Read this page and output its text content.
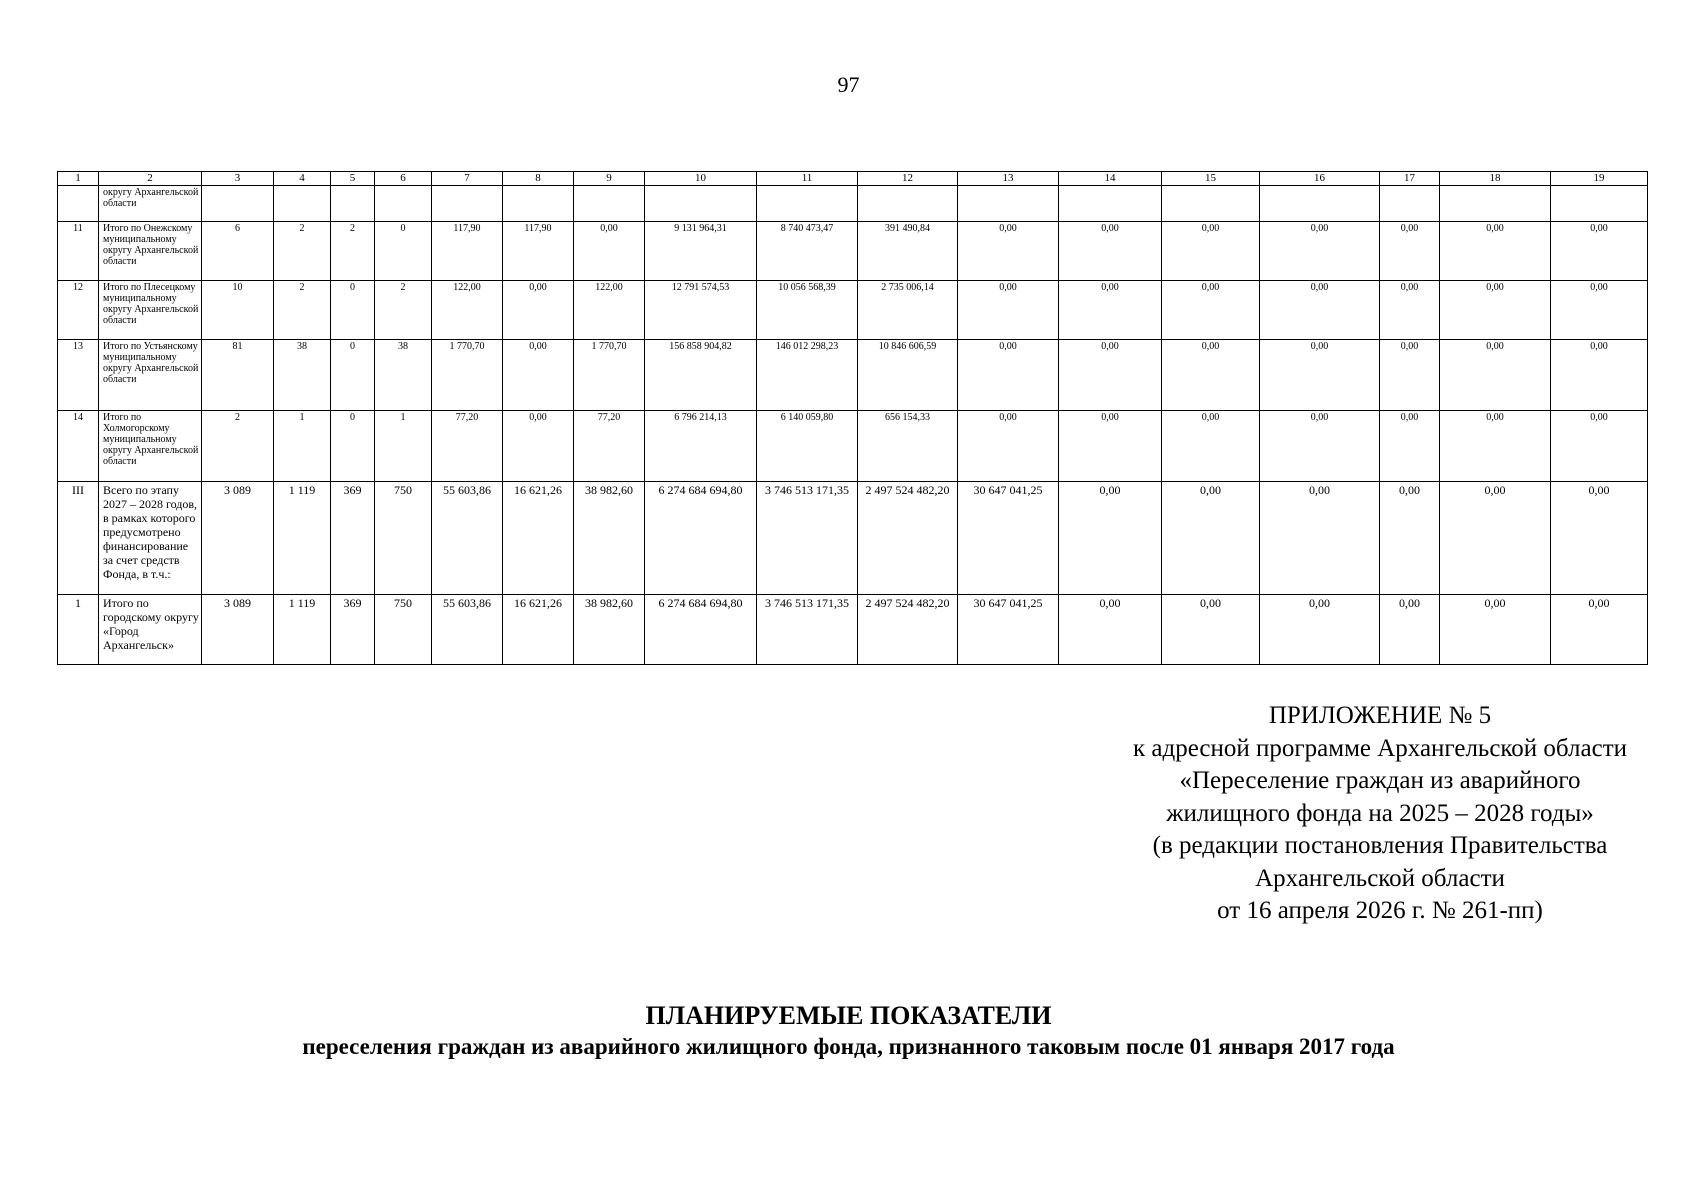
97
1	2	3	4	5	6	7	8	9	10	11	12	13	14	15	16	17	18	19
	округу Архангельской области																	
11	Итого по Онежскому муниципальному округу Архангельской области	6	2	2	0	117,90	117,90	0,00	9 131 964,31	8 740 473,47	391 490,84	0,00	0,00	0,00	0,00	0,00	0,00	0,00
12	Итого по Плесецкому муниципальному округу Архангельской области	10	2	0	2	122,00	0,00	122,00	12 791 574,53	10 056 568,39	2 735 006,14	0,00	0,00	0,00	0,00	0,00	0,00	0,00
13	Итого по Устьянскому муниципальному округу Архангельской области	81	38	0	38	1 770,70	0,00	1 770,70	156 858 904,82	146 012 298,23	10 846 606,59	0,00	0,00	0,00	0,00	0,00	0,00	0,00
14	Итого по Холмогорскому муниципальному округу Архангельской области	2	1	0	1	77,20	0,00	77,20	6 796 214,13	6 140 059,80	656 154,33	0,00	0,00	0,00	0,00	0,00	0,00	0,00
III	Всего по этапу 2027 – 2028 годов, в рамках которого предусмотрено финансирование за счет средств Фонда, в т.ч.:	3 089	1 119	369	750	55 603,86	16 621,26	38 982,60	6 274 684 694,80	3 746 513 171,35	2 497 524 482,20	30 647 041,25	0,00	0,00	0,00	0,00	0,00	0,00
1	Итого по городскому округу «Город Архангельск»	3 089	1 119	369	750	55 603,86	16 621,26	38 982,60	6 274 684 694,80	3 746 513 171,35	2 497 524 482,20	30 647 041,25	0,00	0,00	0,00	0,00	0,00	0,00
ПРИЛОЖЕНИЕ № 5
к адресной программе Архангельской области
«Переселение граждан из аварийного
жилищного фонда на 2025 – 2028 годы»
(в редакции постановления Правительства
Архангельской области
от 16 апреля 2026 г. № 261-пп)
ПЛАНИРУЕМЫЕ ПОКАЗАТЕЛИ
переселения граждан из аварийного жилищного фонда, признанного таковым после 01 января 2017 года
